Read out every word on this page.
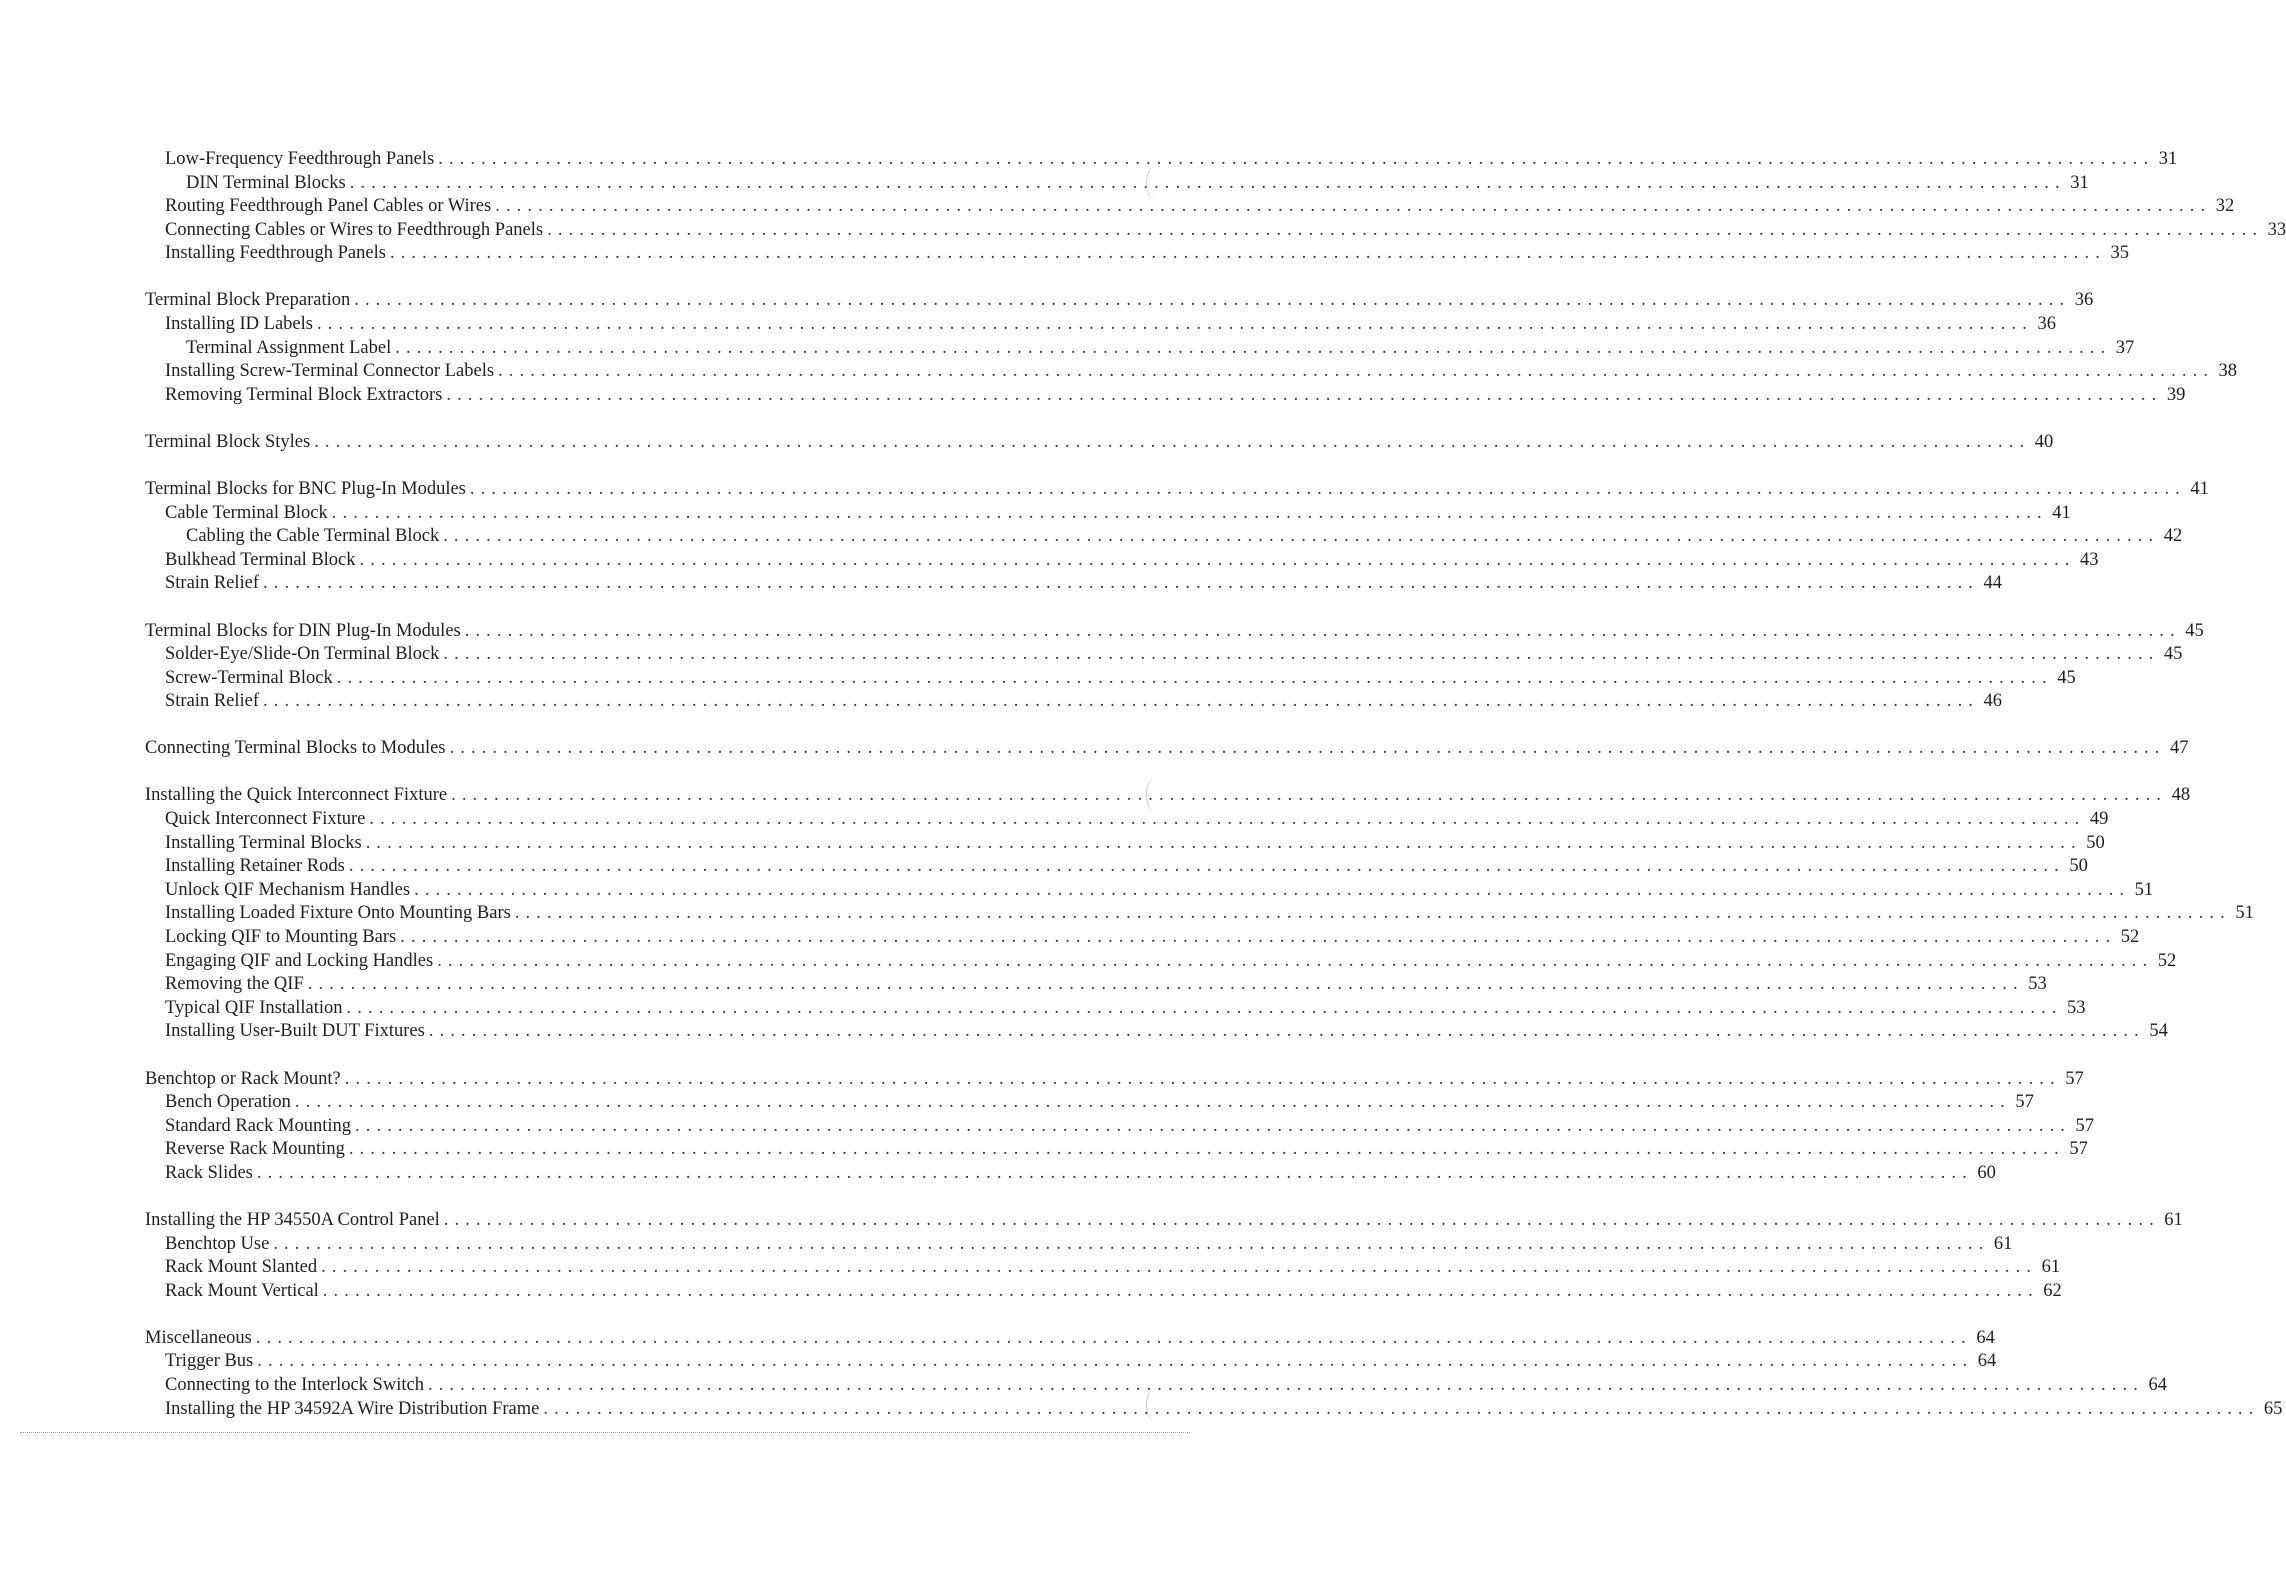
Low-Frequency Feedthrough Panels ................................................................................................................................................................ 31
DIN Terminal Blocks ................................................................................................................................................................ 31
Routing Feedthrough Panel Cables or Wires ................................................................................................................................................................ 32
Connecting Cables or Wires to Feedthrough Panels ................................................................................................................................................................ 33
Installing Feedthrough Panels ................................................................................................................................................................ 35
Terminal Block Preparation ................................................................................................................................................................ 36
Installing ID Labels ................................................................................................................................................................ 36
Terminal Assignment Label ................................................................................................................................................................ 37
Installing Screw-Terminal Connector Labels ................................................................................................................................................................ 38
Removing Terminal Block Extractors ................................................................................................................................................................ 39
Terminal Block Styles ................................................................................................................................................................ 40
Terminal Blocks for BNC Plug-In Modules ................................................................................................................................................................ 41
Cable Terminal Block ................................................................................................................................................................ 41
Cabling the Cable Terminal Block ................................................................................................................................................................ 42
Bulkhead Terminal Block ................................................................................................................................................................ 43
Strain Relief ................................................................................................................................................................ 44
Terminal Blocks for DIN Plug-In Modules ................................................................................................................................................................ 45
Solder-Eye/Slide-On Terminal Block ................................................................................................................................................................ 45
Screw-Terminal Block ................................................................................................................................................................ 45
Strain Relief ................................................................................................................................................................ 46
Connecting Terminal Blocks to Modules ................................................................................................................................................................ 47
Installing the Quick Interconnect Fixture ................................................................................................................................................................ 48
Quick Interconnect Fixture ................................................................................................................................................................ 49
Installing Terminal Blocks ................................................................................................................................................................ 50
Installing Retainer Rods ................................................................................................................................................................ 50
Unlock QIF Mechanism Handles ................................................................................................................................................................ 51
Installing Loaded Fixture Onto Mounting Bars ................................................................................................................................................................ 51
Locking QIF to Mounting Bars ................................................................................................................................................................ 52
Engaging QIF and Locking Handles ................................................................................................................................................................ 52
Removing the QIF ................................................................................................................................................................ 53
Typical QIF Installation ................................................................................................................................................................ 53
Installing User-Built DUT Fixtures ................................................................................................................................................................ 54
Benchtop or Rack Mount? ................................................................................................................................................................ 57
Bench Operation ................................................................................................................................................................ 57
Standard Rack Mounting ................................................................................................................................................................ 57
Reverse Rack Mounting ................................................................................................................................................................ 57
Rack Slides ................................................................................................................................................................ 60
Installing the HP 34550A Control Panel ................................................................................................................................................................ 61
Benchtop Use ................................................................................................................................................................ 61
Rack Mount Slanted ................................................................................................................................................................ 61
Rack Mount Vertical ................................................................................................................................................................ 62
Miscellaneous ................................................................................................................................................................ 64
Trigger Bus ................................................................................................................................................................ 64
Connecting to the Interlock Switch ................................................................................................................................................................ 64
Installing the HP 34592A Wire Distribution Frame ................................................................................................................................................................ 65
